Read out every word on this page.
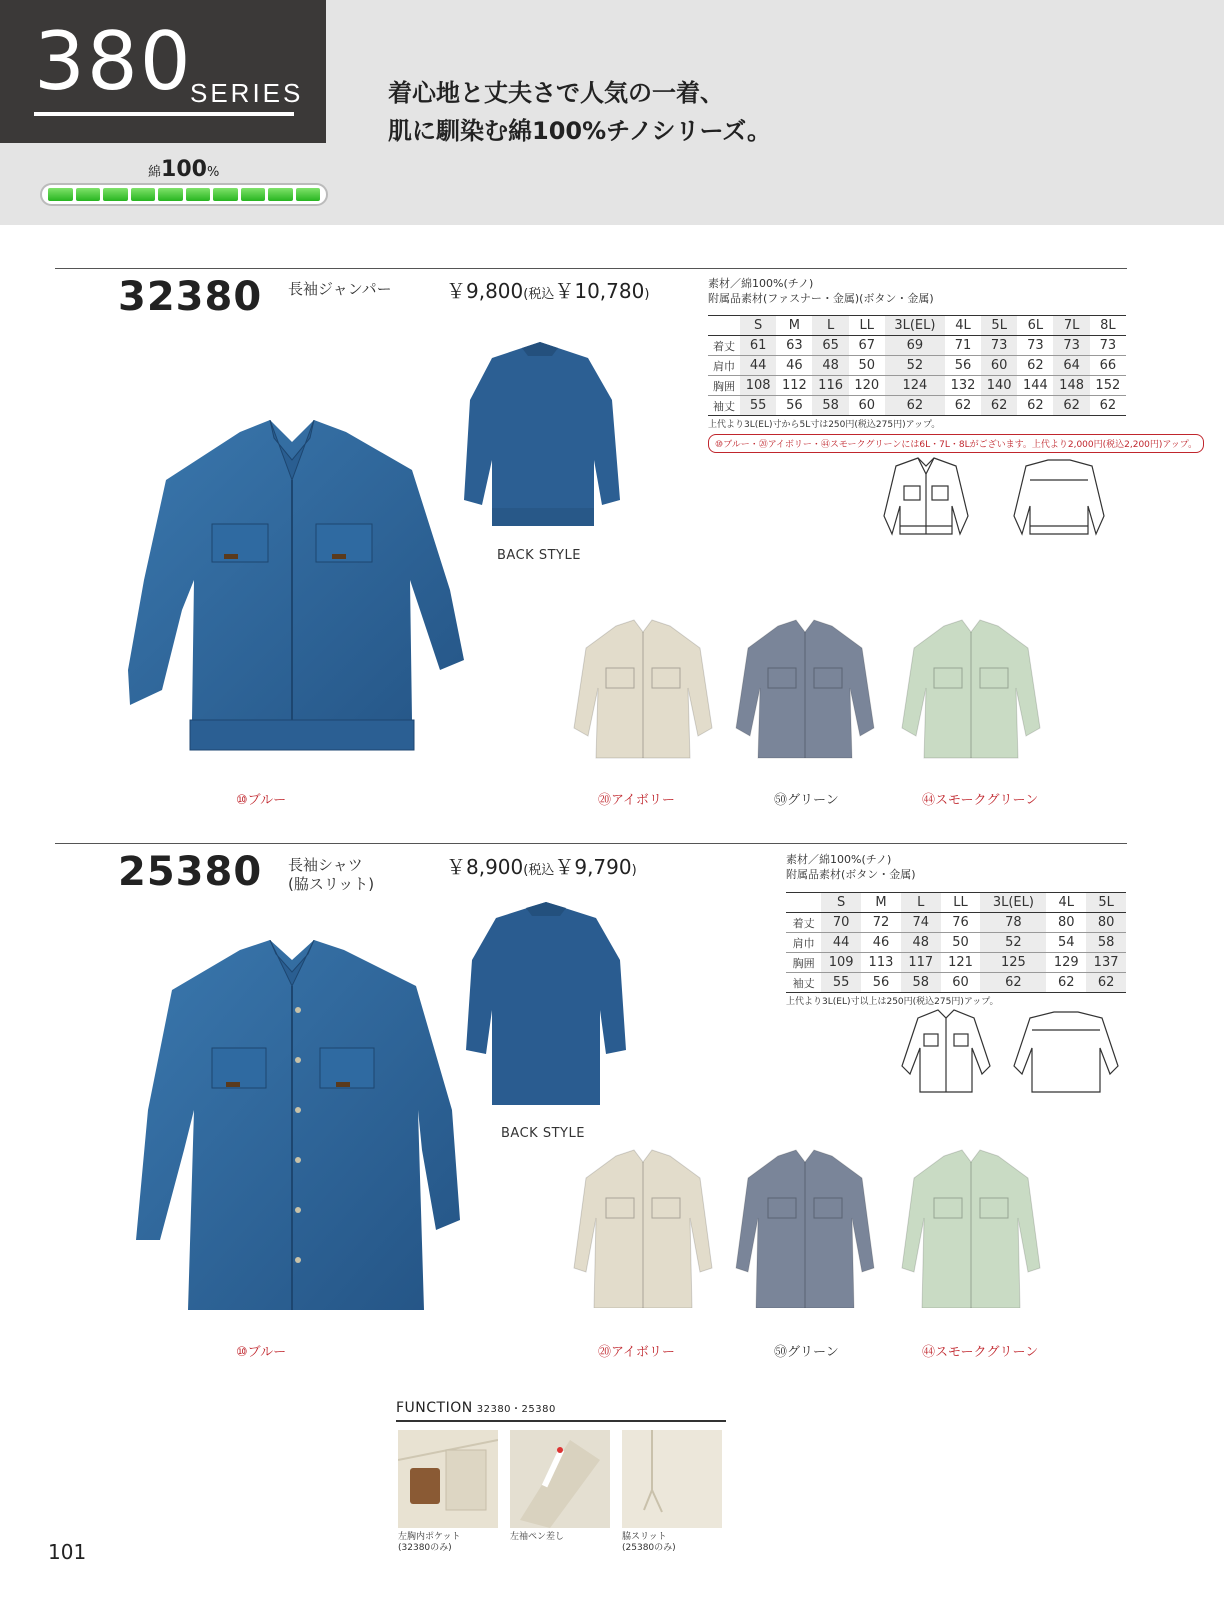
380
SERIES	着心地と丈夫さで人気の一着、
肌に馴染む綿100%チノシリーズ。
綿100%
32380 長袖ジャンパー	￥9,800(税込￥10,780)
素材／綿100%(チノ)
附属品素材(ファスナー・金属)(ボタン・金属)
	S	M	L	LL	3L(EL)	4L	5L	6L	7L	8L
着丈	61	63	65	67	69	71	73	73	73	73
肩巾	44	46	48	50	52	56	60	62	64	66
胸囲	108	112	116	120	124	132	140	144	148	152
袖丈	55	56	58	60	62	62	62	62	62	62
上代より3L(EL)寸から5L寸は250円(税込275円)アップ。
⑩ブルー・⑳アイボリー・㊹スモークグリーンには6L・7L・8Lがございます。上代より2,000円(税込2,200円)アップ。
BACK STYLE
⑩ブルー	⑳アイボリー	㊿グリーン	㊹スモークグリーン
25380 長袖シャツ
(脇スリット)
￥8,900(税込￥9,790)
素材／綿100%(チノ)
附属品素材(ボタン・金属)
	S	M	L	LL	3L(EL)	4L	5L
着丈	70	72	74	76	78	80	80
肩巾	44	46	48	50	52	54	58
胸囲	109	113	117	121	125	129	137
袖丈	55	56	58	60	62	62	62
上代より3L(EL)寸以上は250円(税込275円)アップ。
BACK STYLE
⑩ブルー	⑳アイボリー	㊿グリーン	㊹スモークグリーン
FUNCTION 32380・25380
左胸内ポケット
(32380のみ)
左袖ペン差し	脇スリット
(25380のみ)
101
